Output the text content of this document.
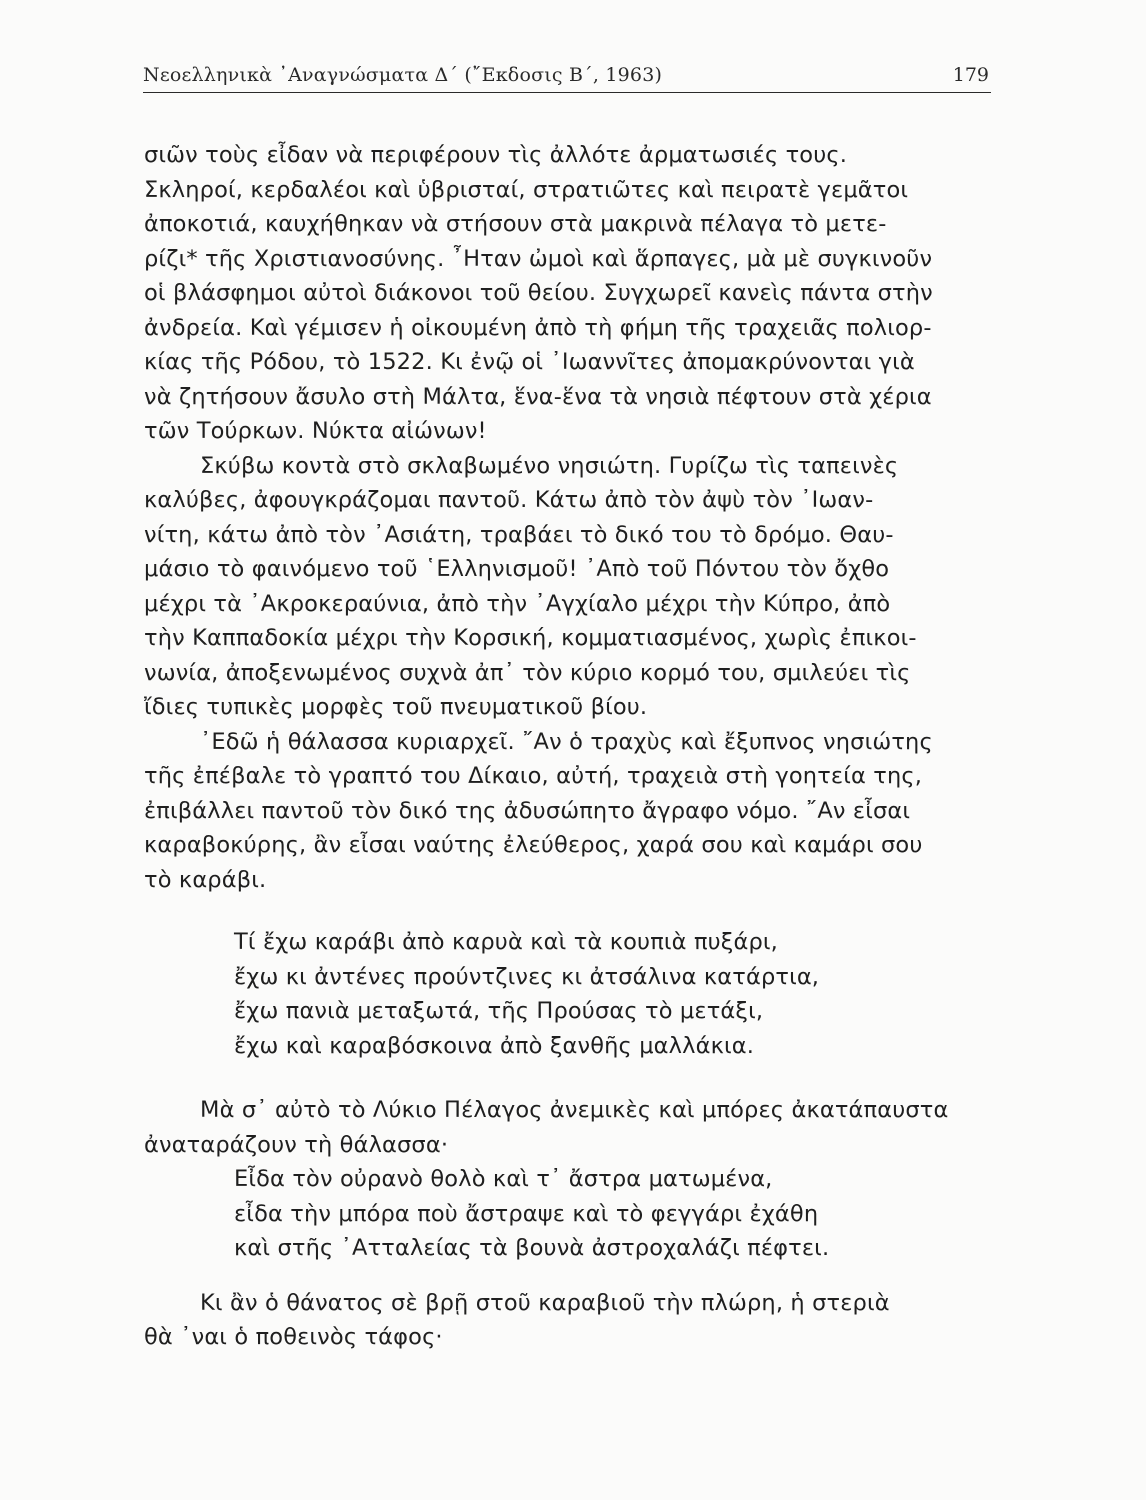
Νεοελληνικὰ ᾿Αναγνώσματα Δ´ (῎Εκδοσις Β´, 1963)	179
σιῶν τοὺς εἶδαν νὰ περιφέρουν τὶς ἀλλότε ἀρματωσιές τους.
Σκληροί, κερδαλέοι καὶ ὑβρισταί, στρατιῶτες καὶ πειρατὲ γεμᾶτοι
ἀποκοτιά, καυχήθηκαν νὰ στήσουν στὰ μακρινὰ πέλαγα τὸ μετε-
ρίζι* τῆς Χριστιανοσύνης. ῏Ηταν ὠμοὶ καὶ ἅρπαγες, μὰ μὲ συγκινοῦν
οἱ βλάσφημοι αὐτοὶ διάκονοι τοῦ θείου. Συγχωρεῖ κανεὶς πάντα στὴν
ἀνδρεία. Καὶ γέμισεν ἡ οἰκουμένη ἀπὸ τὴ φήμη τῆς τραχειᾶς πολιορ-
κίας τῆς Ρόδου, τὸ 1522. Κι ἐνῷ οἱ ᾿Ιωαννῖτες ἀπομακρύνονται γιὰ
νὰ ζητήσουν ἄσυλο στὴ Μάλτα, ἕνα-ἕνα τὰ νησιὰ πέφτουν στὰ χέρια
τῶν Τούρκων. Νύκτα αἰώνων!
Σκύβω κοντὰ στὸ σκλαβωμένο νησιώτη. Γυρίζω τὶς ταπεινὲς
καλύβες, ἀφουγκράζομαι παντοῦ. Κάτω ἀπὸ τὸν ἀψὺ τὸν ᾿Ιωαν-
νίτη, κάτω ἀπὸ τὸν ᾿Ασιάτη, τραβάει τὸ δικό του τὸ δρόμο. Θαυ-
μάσιο τὸ φαινόμενο τοῦ ῾Ελληνισμοῦ! ᾿Απὸ τοῦ Πόντου τὸν ὄχθο
μέχρι τὰ ᾿Ακροκεραύνια, ἀπὸ τὴν ᾿Αγχίαλο μέχρι τὴν Κύπρο, ἀπὸ
τὴν Καππαδοκία μέχρι τὴν Κορσική, κομματιασμένος, χωρὶς ἐπικοι-
νωνία, ἀποξενωμένος συχνὰ ἀπ᾿ τὸν κύριο κορμό του, σμιλεύει τὶς
ἴδιες τυπικὲς μορφὲς τοῦ πνευματικοῦ βίου.
᾿Εδῶ ἡ θάλασσα κυριαρχεῖ. ῎Αν ὁ τραχὺς καὶ ἔξυπνος νησιώτης
τῆς ἐπέβαλε τὸ γραπτό του Δίκαιο, αὐτή, τραχειὰ στὴ γοητεία της,
ἐπιβάλλει παντοῦ τὸν δικό της ἀδυσώπητο ἄγραφο νόμο. ῎Αν εἶσαι
καραβοκύρης, ἂν εἶσαι ναύτης ἐλεύθερος, χαρά σου καὶ καμάρι σου
τὸ καράβι.
Τί ἔχω καράβι ἀπὸ καρυὰ καὶ τὰ κουπιὰ πυξάρι,
ἔχω κι ἀντένες προύντζινες κι ἀτσάλινα κατάρτια,
ἔχω πανιὰ μεταξωτά, τῆς Προύσας τὸ μετάξι,
ἔχω καὶ καραβόσκοινα ἀπὸ ξανθῆς μαλλάκια.
Μὰ σ᾿ αὐτὸ τὸ Λύκιο Πέλαγος ἀνεμικὲς καὶ μπόρες ἀκατάπαυστα
ἀναταράζουν τὴ θάλασσα·
Εἶδα τὸν οὐρανὸ θολὸ καὶ τ᾿ ἄστρα ματωμένα,
εἶδα τὴν μπόρα ποὺ ἄστραψε καὶ τὸ φεγγάρι ἐχάθη
καὶ στῆς ᾿Ατταλείας τὰ βουνὰ ἀστροχαλάζι πέφτει.
Κι ἂν ὁ θάνατος σὲ βρῇ στοῦ καραβιοῦ τὴν πλώρη, ἡ στεριὰ
θὰ ᾿ναι ὁ ποθεινὸς τάφος·
